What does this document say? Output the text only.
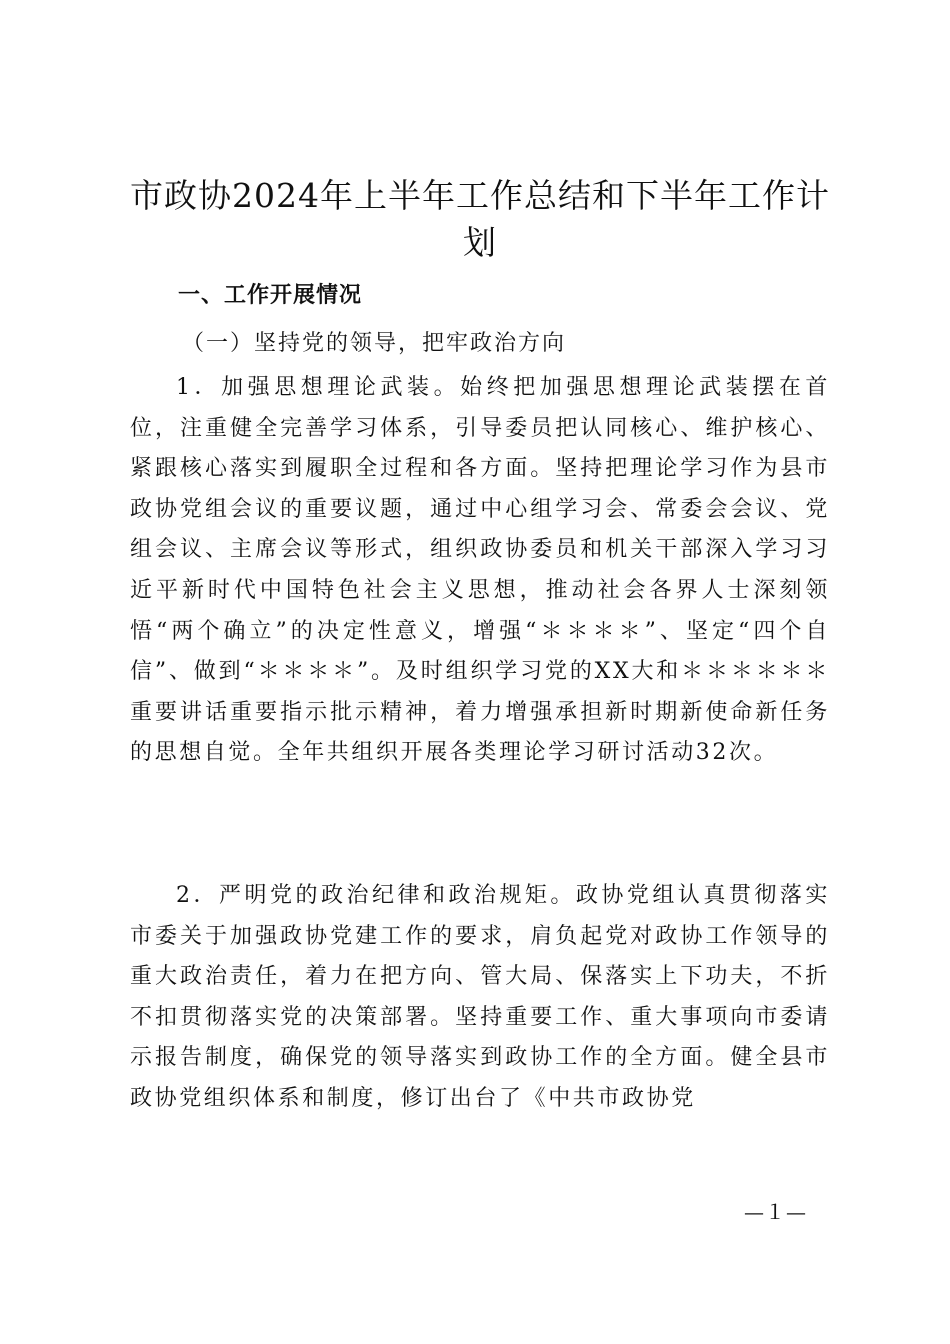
市政协2024年上半年工作总结和下半年工作计划
一、工作开展情况
（一）坚持党的领导，把牢政治方向

1．加强思想理论武装。始终把加强思想理论武装摆在首位，注重健全完善学习体系，引导委员把认同核心、维护核心、紧跟核心落实到履职全过程和各方面。坚持把理论学习作为县市政协党组会议的重要议题，通过中心组学习会、常委会会议、党组会议、主席会议等形式，组织政协委员和机关干部深入学习习近平新时代中国特色社会主义思想，推动社会各界人士深刻领悟“两个确立”的决定性意义，增强“＊＊＊＊”、坚定“四个自信”、做到“＊＊＊＊”。及时组织学习党的XX大和＊＊＊＊＊＊重要讲话重要指示批示精神，着力增强承担新时期新使命新任务的思想自觉。全年共组织开展各类理论学习研讨活动32次。

2．严明党的政治纪律和政治规矩。政协党组认真贯彻落实市委关于加强政协党建工作的要求，肩负起党对政协工作领导的重大政治责任，着力在把方向、管大局、保落实上下功夫，不折不扣贯彻落实党的决策部署。坚持重要工作、重大事项向市委请示报告制度，确保党的领导落实到政协工作的全方面。健全县市政协党组织体系和制度，修订出台了《中共市政协党

—１—
